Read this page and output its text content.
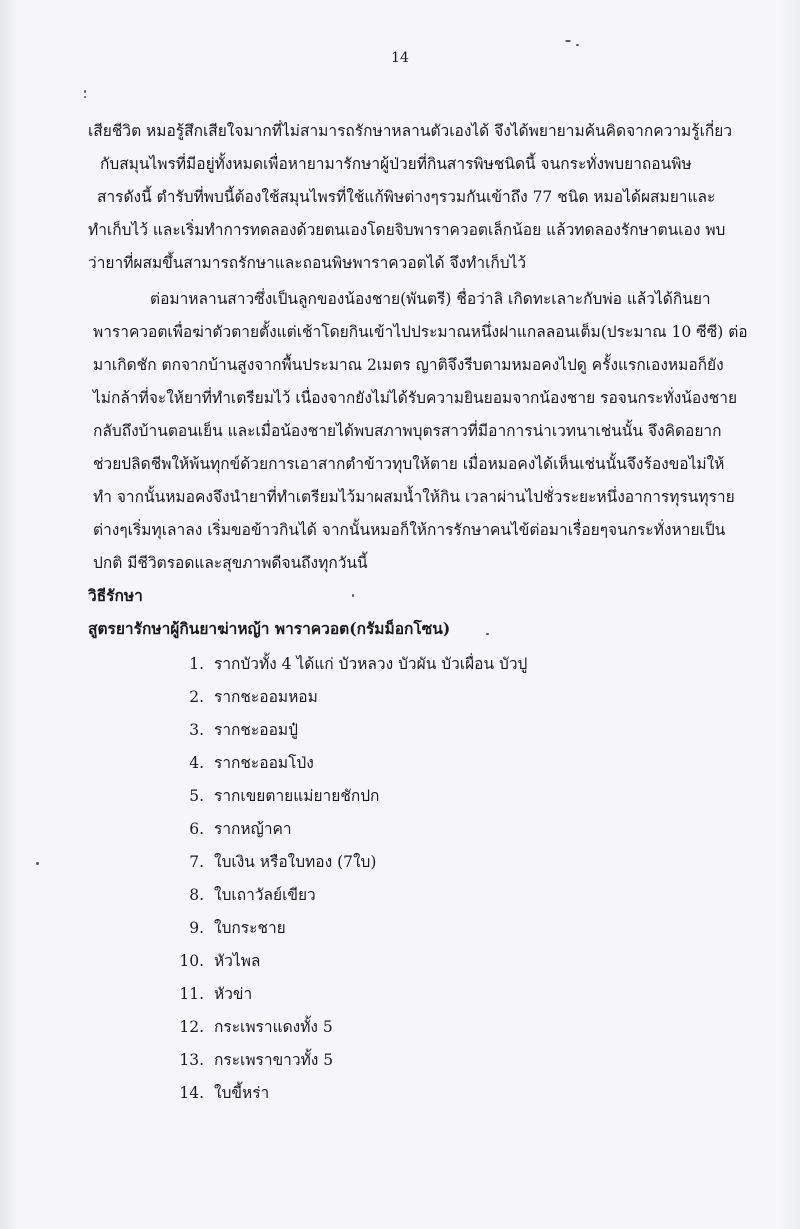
14
เสียชีวิต หมอรู้สึกเสียใจมากที่ไม่สามารถรักษาหลานตัวเองได้ จึงได้พยายามค้นคิดจากความรู้เกี่ยว
กับสมุนไพรที่มีอยู่ทั้งหมดเพื่อหายามารักษาผู้ป่วยที่กินสารพิษชนิดนี้ จนกระทั่งพบยาถอนพิษ
สารดังนี้ ตำรับที่พบนี้ต้องใช้สมุนไพรที่ใช้แก้พิษต่างๆรวมกันเข้าถึง 77 ชนิด หมอได้ผสมยาและ
ทำเก็บไว้ และเริ่มทำการทดลองด้วยตนเองโดยจิบพาราควอตเล็กน้อย แล้วทดลองรักษาตนเอง พบ
ว่ายาที่ผสมขึ้นสามารถรักษาและถอนพิษพาราควอตได้ จึงทำเก็บไว้
ต่อมาหลานสาวซึ่งเป็นลูกของน้องชาย(พันตรี) ชื่อว่าลิ เกิดทะเลาะกับพ่อ แล้วได้กินยา
พาราควอตเพื่อฆ่าตัวตายตั้งแต่เช้าโดยกินเข้าไปประมาณหนึ่งฝาแกลลอนเต็ม(ประมาณ 10 ซีซี) ต่อ
มาเกิดชัก ตกจากบ้านสูงจากพื้นประมาณ 2เมตร ญาติจึงรีบตามหมอคงไปดู ครั้งแรกเองหมอก็ยัง
ไม่กล้าที่จะให้ยาที่ทำเตรียมไว้ เนื่องจากยังไม่ได้รับความยินยอมจากน้องชาย รอจนกระทั่งน้องชาย
กลับถึงบ้านตอนเย็น และเมื่อน้องชายได้พบสภาพบุตรสาวที่มีอาการน่าเวทนาเช่นนั้น จึงคิดอยาก
ช่วยปลิดชีพให้พ้นทุกข์ด้วยการเอาสากตำข้าวทุบให้ตาย เมื่อหมอคงได้เห็นเช่นนั้นจึงร้องขอไม่ให้
ทำ จากนั้นหมอคงจึงนำยาที่ทำเตรียมไว้มาผสมน้ำให้กิน เวลาผ่านไปชั่วระยะหนึ่งอาการทุรนทุราย
ต่างๆเริ่มทุเลาลง เริ่มขอข้าวกินได้ จากนั้นหมอก็ให้การรักษาคนไข้ต่อมาเรื่อยๆจนกระทั่งหายเป็น
ปกติ มีชีวิตรอดและสุขภาพดีจนถึงทุกวันนี้
วิธีรักษา
สูตรยารักษาผู้กินยาฆ่าหญ้า พาราควอต(กรัมม็อกโซน)
1. รากบัวทั้ง 4 ได้แก่ บัวหลวง บัวผัน บัวเผื่อน บัวปู
2. รากชะออมหอม
3. รากชะออมปู๋
4. รากชะออมโป่ง
5. รากเขยตายแม่ยายชักปก
6. รากหญ้าคา
7. ใบเงิน หรือใบทอง (7ใบ)
8. ใบเถาวัลย์เขียว
9. ใบกระชาย
10. หัวไพล
11. หัวข่า
12. กระเพราแดงทั้ง 5
13. กระเพราขาวทั้ง 5
14. ใบขี้หร่า
